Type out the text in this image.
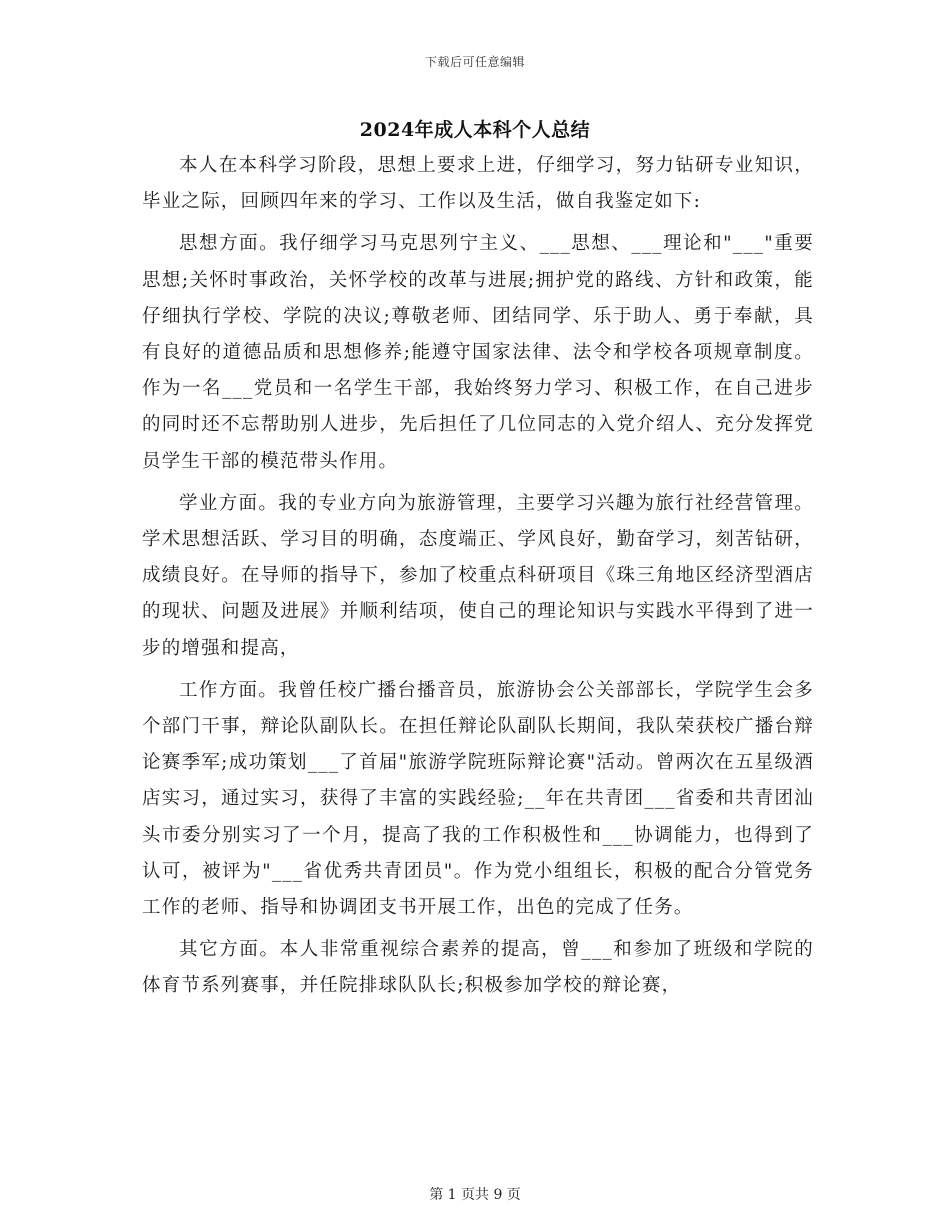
下载后可任意编辑
2024年成人本科个人总结

本人在本科学习阶段，思想上要求上进，仔细学习，努力钻研专业知识，毕业之际，回顾四年来的学习、工作以及生活，做自我鉴定如下:

思想方面。我仔细学习马克思列宁主义、___思想、___理论和"___"重要思想;关怀时事政治，关怀学校的改革与进展;拥护党的路线、方针和政策，能仔细执行学校、学院的决议;尊敬老师、团结同学、乐于助人、勇于奉献，具有良好的道德品质和思想修养;能遵守国家法律、法令和学校各项规章制度。作为一名___党员和一名学生干部，我始终努力学习、积极工作，在自己进步的同时还不忘帮助别人进步，先后担任了几位同志的入党介绍人、充分发挥党员学生干部的模范带头作用。

学业方面。我的专业方向为旅游管理，主要学习兴趣为旅行社经营管理。学术思想活跃、学习目的明确，态度端正、学风良好，勤奋学习，刻苦钻研，成绩良好。在导师的指导下，参加了校重点科研项目《珠三角地区经济型酒店的现状、问题及进展》并顺利结项，使自己的理论知识与实践水平得到了进一步的增强和提高，

工作方面。我曾任校广播台播音员，旅游协会公关部部长，学院学生会多个部门干事，辩论队副队长。在担任辩论队副队长期间，我队荣获校广播台辩论赛季军;成功策划___了首届"旅游学院班际辩论赛"活动。曾两次在五星级酒店实习，通过实习，获得了丰富的实践经验;__年在共青团___省委和共青团汕头市委分别实习了一个月，提高了我的工作积极性和___协调能力，也得到了认可，被评为"___省优秀共青团员"。作为党小组组长，积极的配合分管党务工作的老师、指导和协调团支书开展工作，出色的完成了任务。

其它方面。本人非常重视综合素养的提高，曾___和参加了班级和学院的体育节系列赛事，并任院排球队队长;积极参加学校的辩论赛，

第 1 页共 9 页
